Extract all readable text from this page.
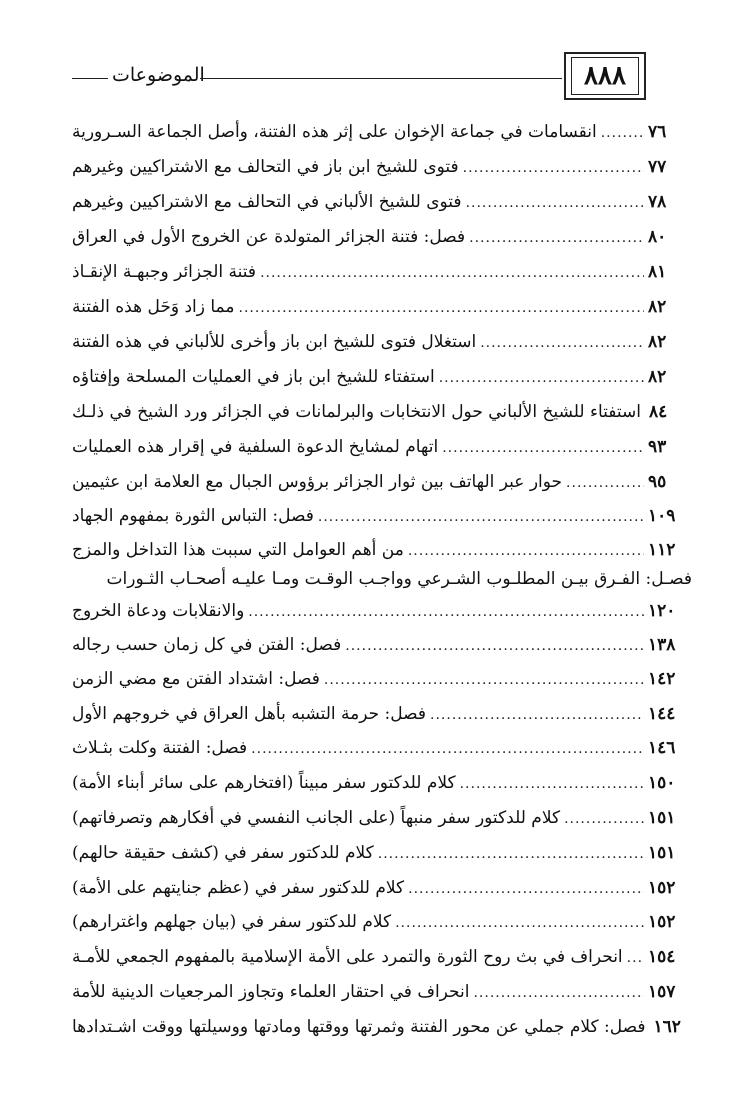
الموضوعات	٨٨٨
انقسامات في جماعة الإخوان على إثر هذه الفتنة، وأصل الجماعة السـرورية .....	٧٦
فتوى للشيخ ابن باز في التحالف مع الاشتراكيين وغيرهم .....	٧٧
فتوى للشيخ الألباني في التحالف مع الاشتراكيين وغيرهم .....	٧٨
فصل: فتنة الجزائر المتولدة عن الخروج الأول في العراق .....	٨٠
فتنة الجزائر وجبهـة الإنقـاذ .....	٨١
مما زاد وَحَل هذه الفتنة .....	٨٢
استغلال فتوى للشيخ ابن باز وأخرى للألباني في هذه الفتنة .....	٨٢
استفتاء للشيخ ابن باز في العمليات المسلحة وإفتاؤه .....	٨٢
استفتاء للشيخ الألباني حول الانتخابات والبرلمانات في الجزائر ورد الشيخ في ذلـك ٨٤
اتهام لمشايخ الدعوة السلفية في إقرار هذه العمليات .....	٩٣
حوار عبر الهاتف بين ثوار الجزائر برؤوس الجبال مع العلامة ابن عثيمين .....	٩٥
فصل: التباس الثورة بمفهوم الجهاد .....	١٠٩
من أهم العوامل التي سببت هذا التداخل والمزج .....	١١٢
فصـل: الفـرق بيـن المطلـوب الشـرعي وواجـب الوقـت ومـا عليـه أصحـاب الثـورات
والانقلابات ودعاة الخروج .....	١٢٠
فصل: الفتن في كل زمان حسب رجاله .....	١٣٨
فصل: اشتداد الفتن مع مضي الزمن .....	١٤٢
فصل: حرمة التشبه بأهل العراق في خروجهم الأول .....	١٤٤
فصل: الفتنة وكلت بثـلاث .....	١٤٦
كلام للدكتور سفر مبيناً (افتخارهم على سائر أبناء الأمة) .....	١٥٠
كلام للدكتور سفر منبهاً (على الجانب النفسي في أفكارهم وتصرفاتهم) .....	١٥١
كلام للدكتور سفر في (كشف حقيقة حالهم) .....	١٥١
كلام للدكتور سفر في (عظم جنايتهم على الأمة) .....	١٥٢
كلام للدكتور سفر في (بيان جهلهم واغترارهم) .....	١٥٢
انحراف في بث روح الثورة والتمرد على الأمة الإسلامية بالمفهوم الجمعي للأمـة ..... ١٥٤
انحراف في احتقار العلماء وتجاوز المرجعيات الدينية للأمة .....	١٥٧
فصل: كلام جملي عن محور الفتنة وثمرتها ووقتها ومادتها ووسيلتها ووقت اشـتدادها ١٦٢
